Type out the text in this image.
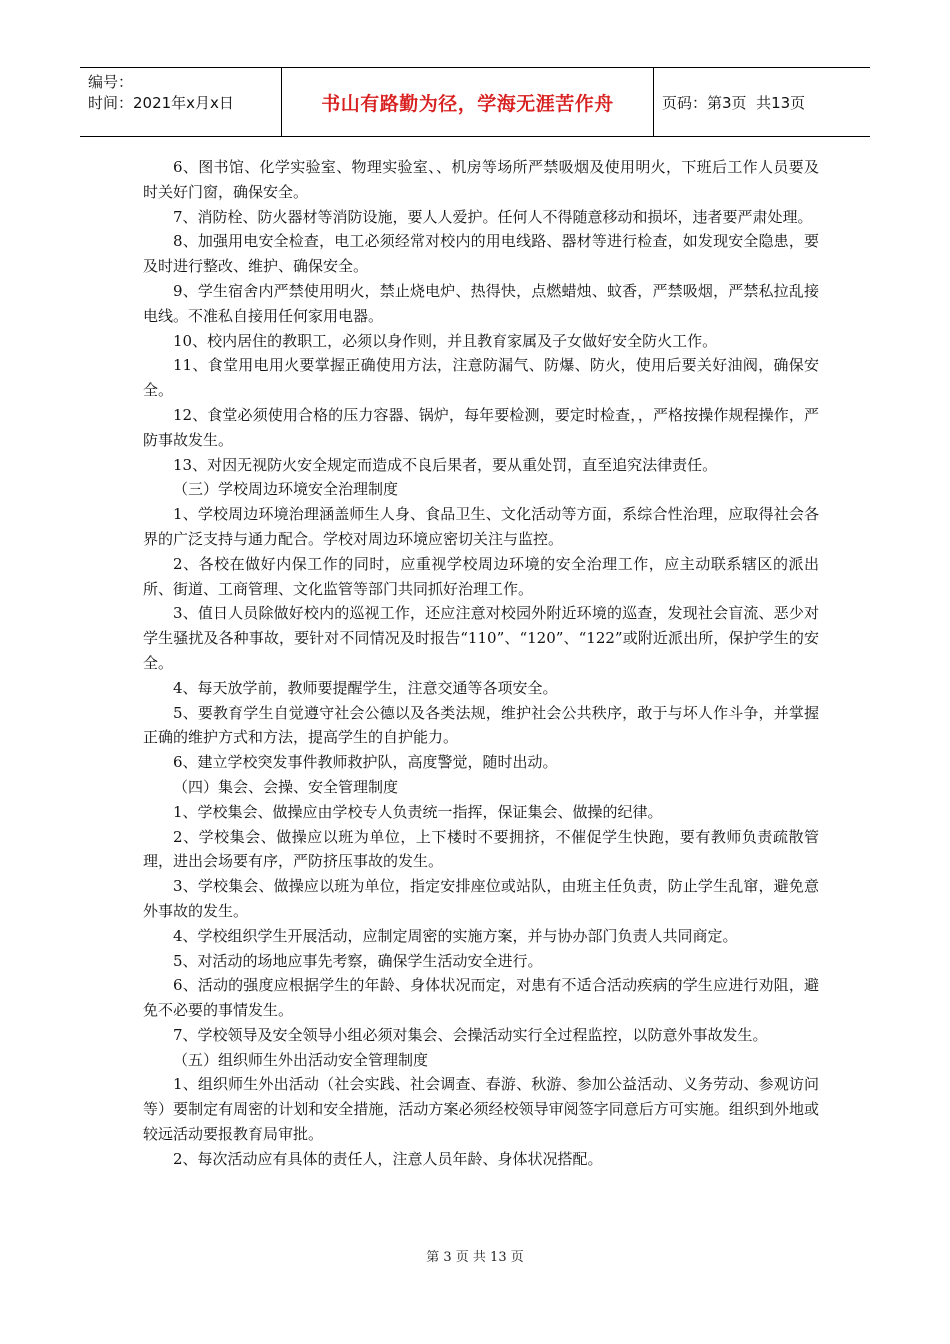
编号：
时间：2021年x月x日	书山有路勤为径，学海无涯苦作舟	页码：第3页  共13页

6、图书馆、化学实验室、物理实验室、、机房等场所严禁吸烟及使用明火，下班后工作人员要及时关好门窗，确保安全。

7、消防栓、防火器材等消防设施，要人人爱护。任何人不得随意移动和损坏，违者要严肃处理。

8、加强用电安全检查，电工必须经常对校内的用电线路、器材等进行检查，如发现安全隐患，要及时进行整改、维护、确保安全。

9、学生宿舍内严禁使用明火，禁止烧电炉、热得快，点燃蜡烛、蚊香，严禁吸烟，严禁私拉乱接电线。不准私自接用任何家用电器。

10、校内居住的教职工，必须以身作则，并且教育家属及子女做好安全防火工作。

11、食堂用电用火要掌握正确使用方法，注意防漏气、防爆、防火，使用后要关好油阀，确保安全。

12、食堂必须使用合格的压力容器、锅炉，每年要检测，要定时检查，，严格按操作规程操作，严防事故发生。

13、对因无视防火安全规定而造成不良后果者，要从重处罚，直至追究法律责任。

（三）学校周边环境安全治理制度

1、学校周边环境治理涵盖师生人身、食品卫生、文化活动等方面，系综合性治理，应取得社会各界的广泛支持与通力配合。学校对周边环境应密切关注与监控。

2、各校在做好内保工作的同时，应重视学校周边环境的安全治理工作，应主动联系辖区的派出所、街道、工商管理、文化监管等部门共同抓好治理工作。

3、值日人员除做好校内的巡视工作，还应注意对校园外附近环境的巡查，发现社会盲流、恶少对学生骚扰及各种事故，要针对不同情况及时报告“110”、“120”、“122”或附近派出所，保护学生的安全。

4、每天放学前，教师要提醒学生，注意交通等各项安全。

5、要教育学生自觉遵守社会公德以及各类法规，维护社会公共秩序，敢于与坏人作斗争，并掌握正确的维护方式和方法，提高学生的自护能力。

6、建立学校突发事件教师救护队，高度警觉，随时出动。

（四）集会、会操、安全管理制度

1、学校集会、做操应由学校专人负责统一指挥，保证集会、做操的纪律。

2、学校集会、做操应以班为单位，上下楼时不要拥挤，不催促学生快跑，要有教师负责疏散管理，进出会场要有序，严防挤压事故的发生。

3、学校集会、做操应以班为单位，指定安排座位或站队，由班主任负责，防止学生乱窜，避免意外事故的发生。

4、学校组织学生开展活动，应制定周密的实施方案，并与协办部门负责人共同商定。

5、对活动的场地应事先考察，确保学生活动安全进行。

6、活动的强度应根据学生的年龄、身体状况而定，对患有不适合活动疾病的学生应进行劝阻，避免不必要的事情发生。

7、学校领导及安全领导小组必须对集会、会操活动实行全过程监控，以防意外事故发生。

（五）组织师生外出活动安全管理制度

1、组织师生外出活动（社会实践、社会调查、春游、秋游、参加公益活动、义务劳动、参观访问等）要制定有周密的计划和安全措施，活动方案必须经校领导审阅签字同意后方可实施。组织到外地或较远活动要报教育局审批。

2、每次活动应有具体的责任人，注意人员年龄、身体状况搭配。

第 3 页 共 13 页
